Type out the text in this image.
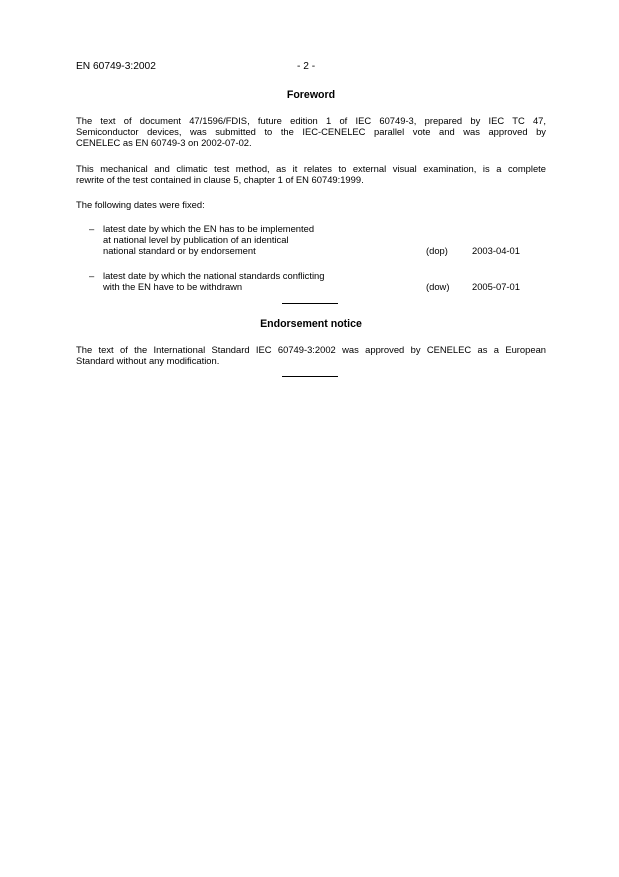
EN 60749-3:2002	- 2 -
Foreword
The text of document 47/1596/FDIS, future edition 1 of IEC 60749-3, prepared by IEC TC 47,
Semiconductor devices, was submitted to the IEC-CENELEC parallel vote and was approved by
CENELEC as EN 60749-3 on 2002-07-02.
This mechanical and climatic test method, as it relates to external visual examination, is a complete
rewrite of the test contained in clause 5, chapter 1 of EN 60749:1999.
The following dates were fixed:
– latest date by which the EN has to be implemented
at national level by publication of an identical
national standard or by endorsement	(dop)	2003-04-01
– latest date by which the national standards conflicting
with the EN have to be withdrawn	(dow) 2005-07-01
Endorsement notice
The text of the International Standard IEC 60749-3:2002 was approved by CENELEC as a European
Standard without any modification.
